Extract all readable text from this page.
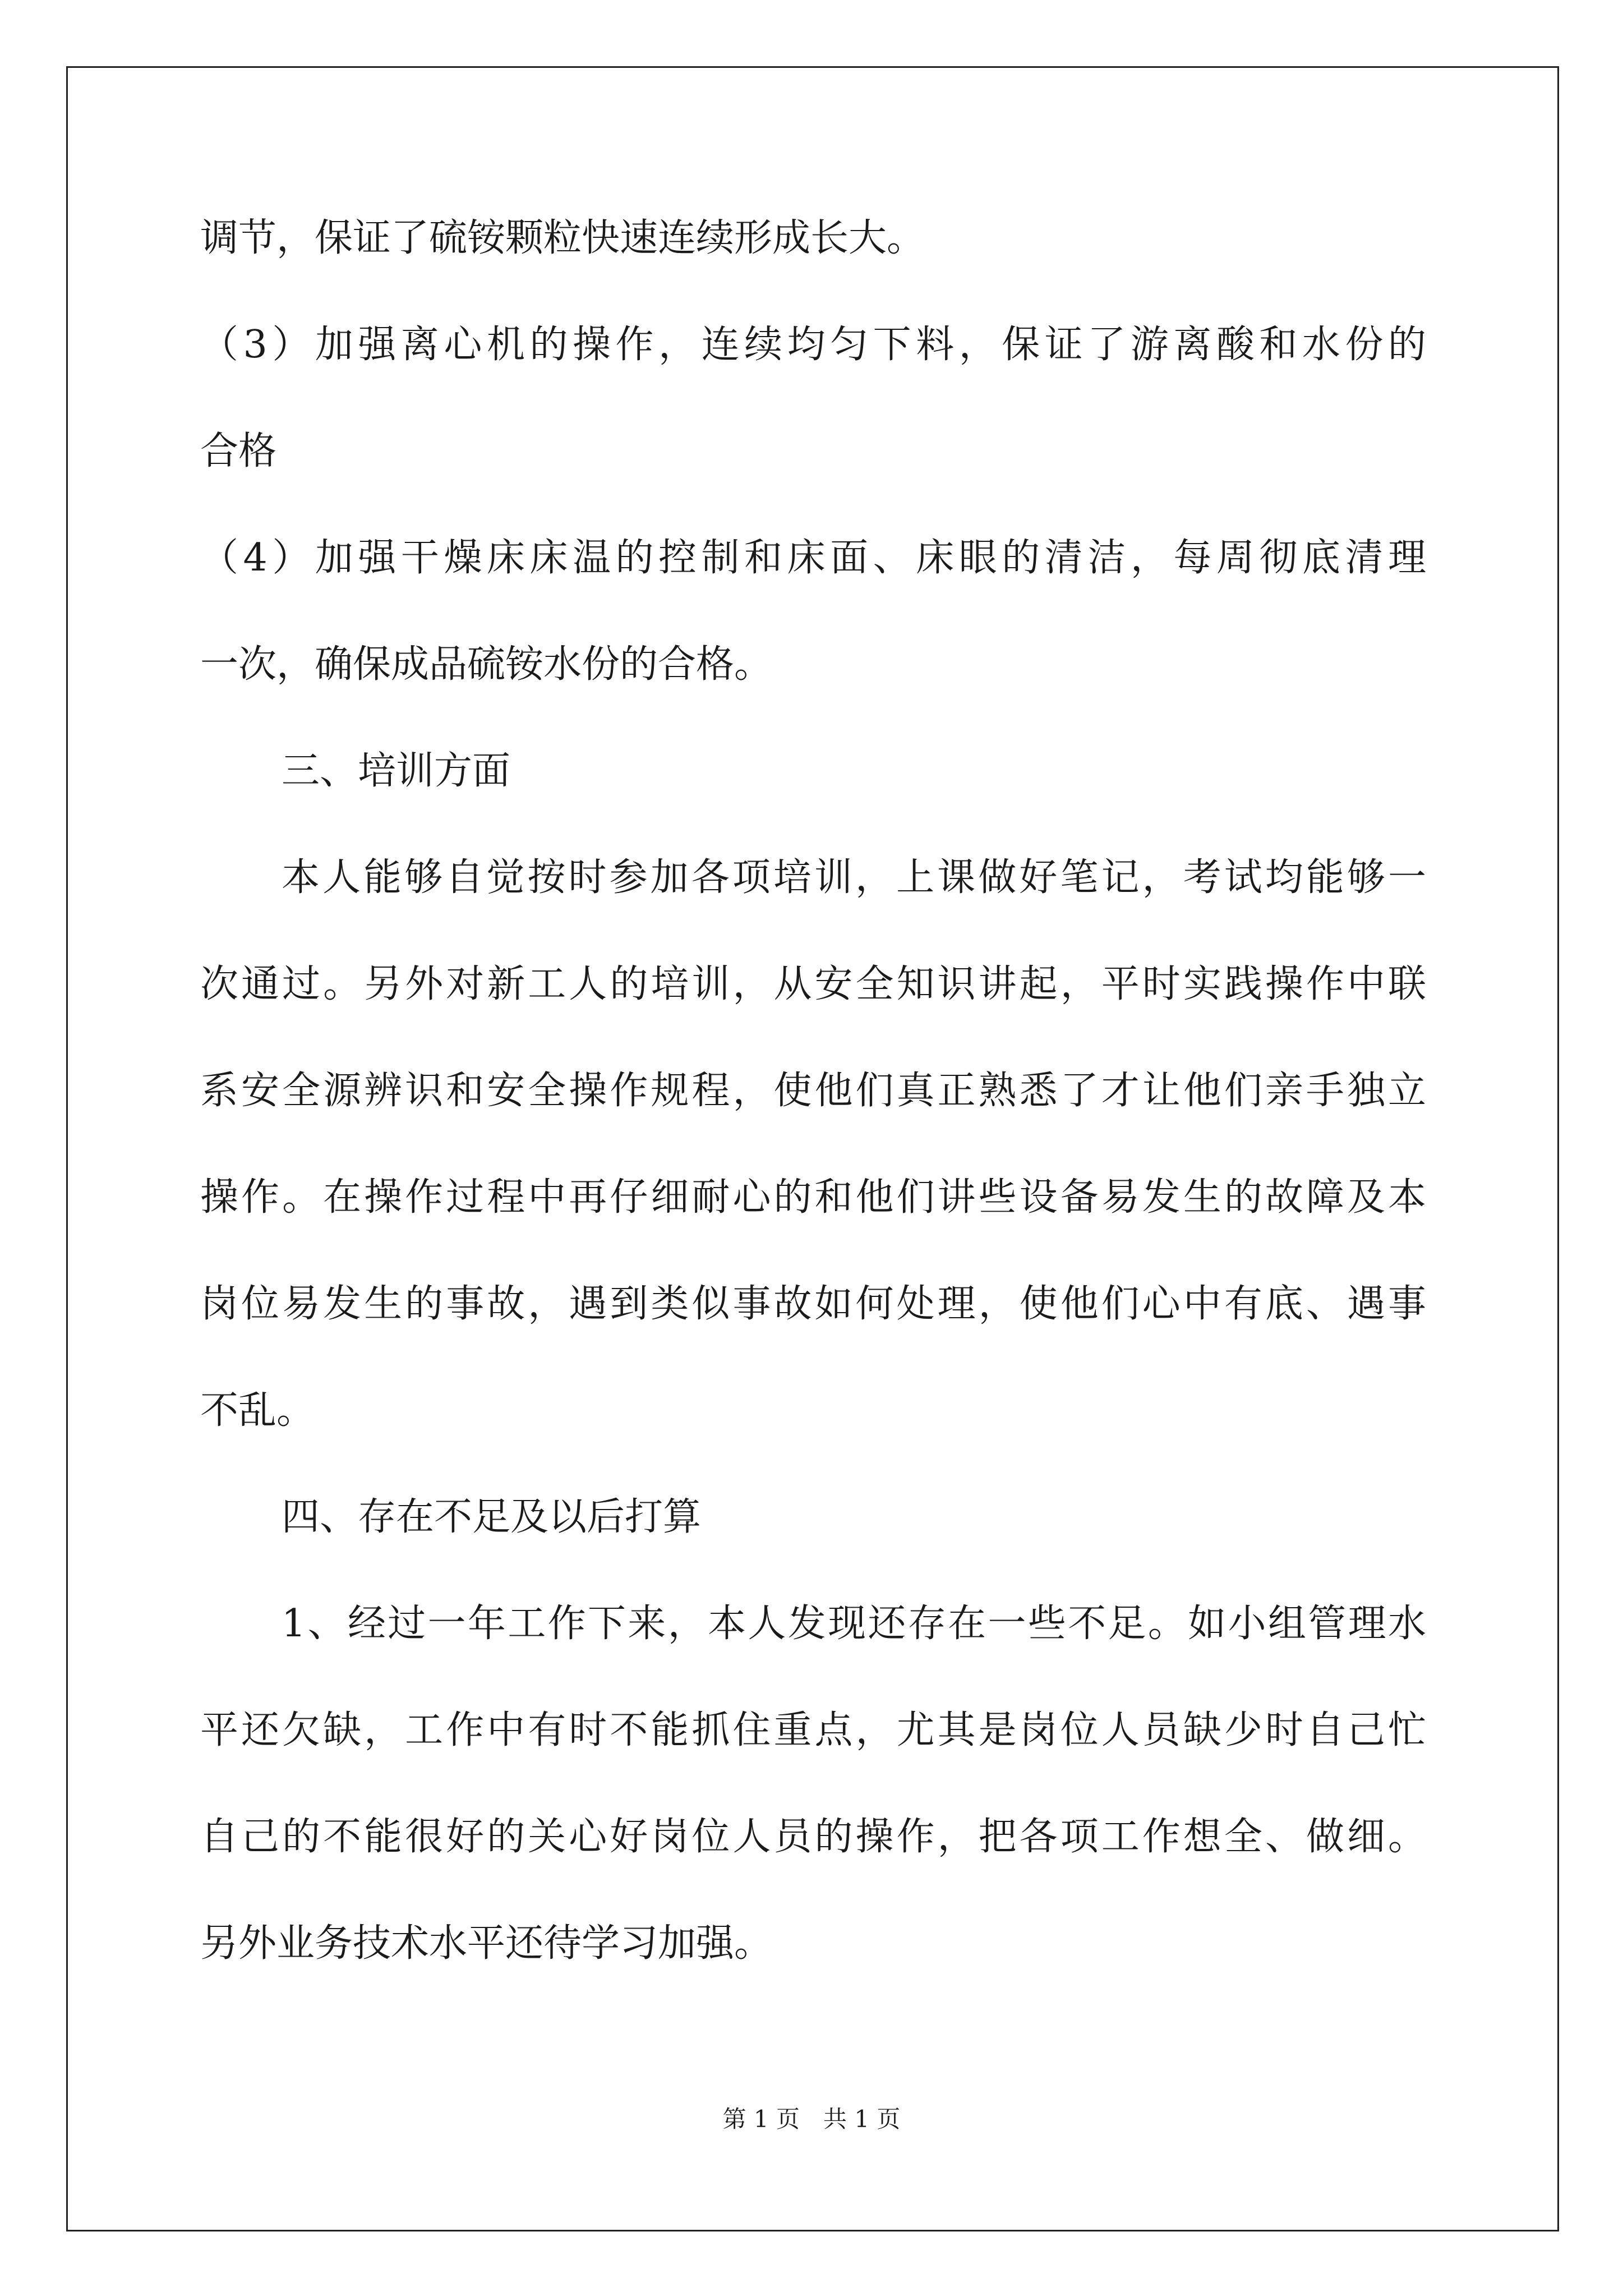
调节，保证了硫铵颗粒快速连续形成长大。
（3）加强离心机的操作，连续均匀下料，保证了游离酸和水份的
合格
（4）加强干燥床床温的控制和床面、床眼的清洁，每周彻底清理
一次，确保成品硫铵水份的合格。
三、培训方面
本人能够自觉按时参加各项培训，上课做好笔记，考试均能够一
次通过。另外对新工人的培训，从安全知识讲起，平时实践操作中联
系安全源辨识和安全操作规程，使他们真正熟悉了才让他们亲手独立
操作。在操作过程中再仔细耐心的和他们讲些设备易发生的故障及本
岗位易发生的事故，遇到类似事故如何处理，使他们心中有底、遇事
不乱。
四、存在不足及以后打算
1、经过一年工作下来，本人发现还存在一些不足。如小组管理水
平还欠缺，工作中有时不能抓住重点，尤其是岗位人员缺少时自己忙
自己的不能很好的关心好岗位人员的操作，把各项工作想全、做细。
另外业务技术水平还待学习加强。
第 1 页　共 1 页
